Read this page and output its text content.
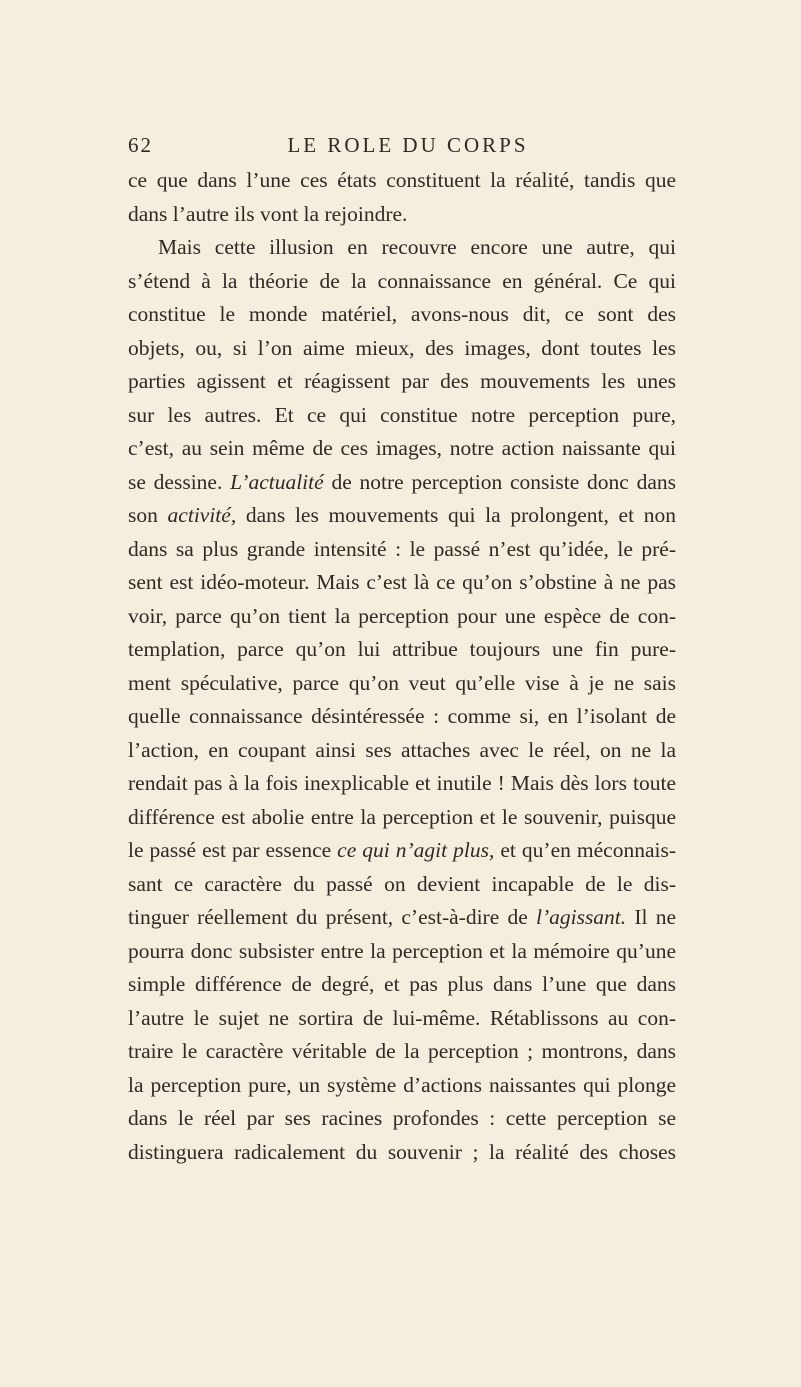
62	LE ROLE DU CORPS
ce que dans l’une ces états constituent la réalité, tandis que
dans l’autre ils vont la rejoindre.
Mais cette illusion en recouvre encore une autre, qui
s’étend à la théorie de la connaissance en général. Ce qui
constitue le monde matériel, avons-nous dit, ce sont des
objets, ou, si l’on aime mieux, des images, dont toutes les
parties agissent et réagissent par des mouvements les unes
sur les autres. Et ce qui constitue notre perception pure,
c’est, au sein même de ces images, notre action naissante qui
se dessine. L’actualité de notre perception consiste donc dans
son activité, dans les mouvements qui la prolongent, et non
dans sa plus grande intensité : le passé n’est qu’idée, le pré-
sent est idéo-moteur. Mais c’est là ce qu’on s’obstine à ne pas
voir, parce qu’on tient la perception pour une espèce de con-
templation, parce qu’on lui attribue toujours une fin pure-
ment spéculative, parce qu’on veut qu’elle vise à je ne sais
quelle connaissance désintéressée : comme si, en l’isolant de
l’action, en coupant ainsi ses attaches avec le réel, on ne la
rendait pas à la fois inexplicable et inutile ! Mais dès lors toute
différence est abolie entre la perception et le souvenir, puisque
le passé est par essence ce qui n’agit plus, et qu’en méconnais-
sant ce caractère du passé on devient incapable de le dis-
tinguer réellement du présent, c’est-à-dire de l’agissant. Il ne
pourra donc subsister entre la perception et la mémoire qu’une
simple différence de degré, et pas plus dans l’une que dans
l’autre le sujet ne sortira de lui-même. Rétablissons au con-
traire le caractère véritable de la perception ; montrons, dans
la perception pure, un système d’actions naissantes qui plonge
dans le réel par ses racines profondes : cette perception se
distinguera radicalement du souvenir ; la réalité des choses
